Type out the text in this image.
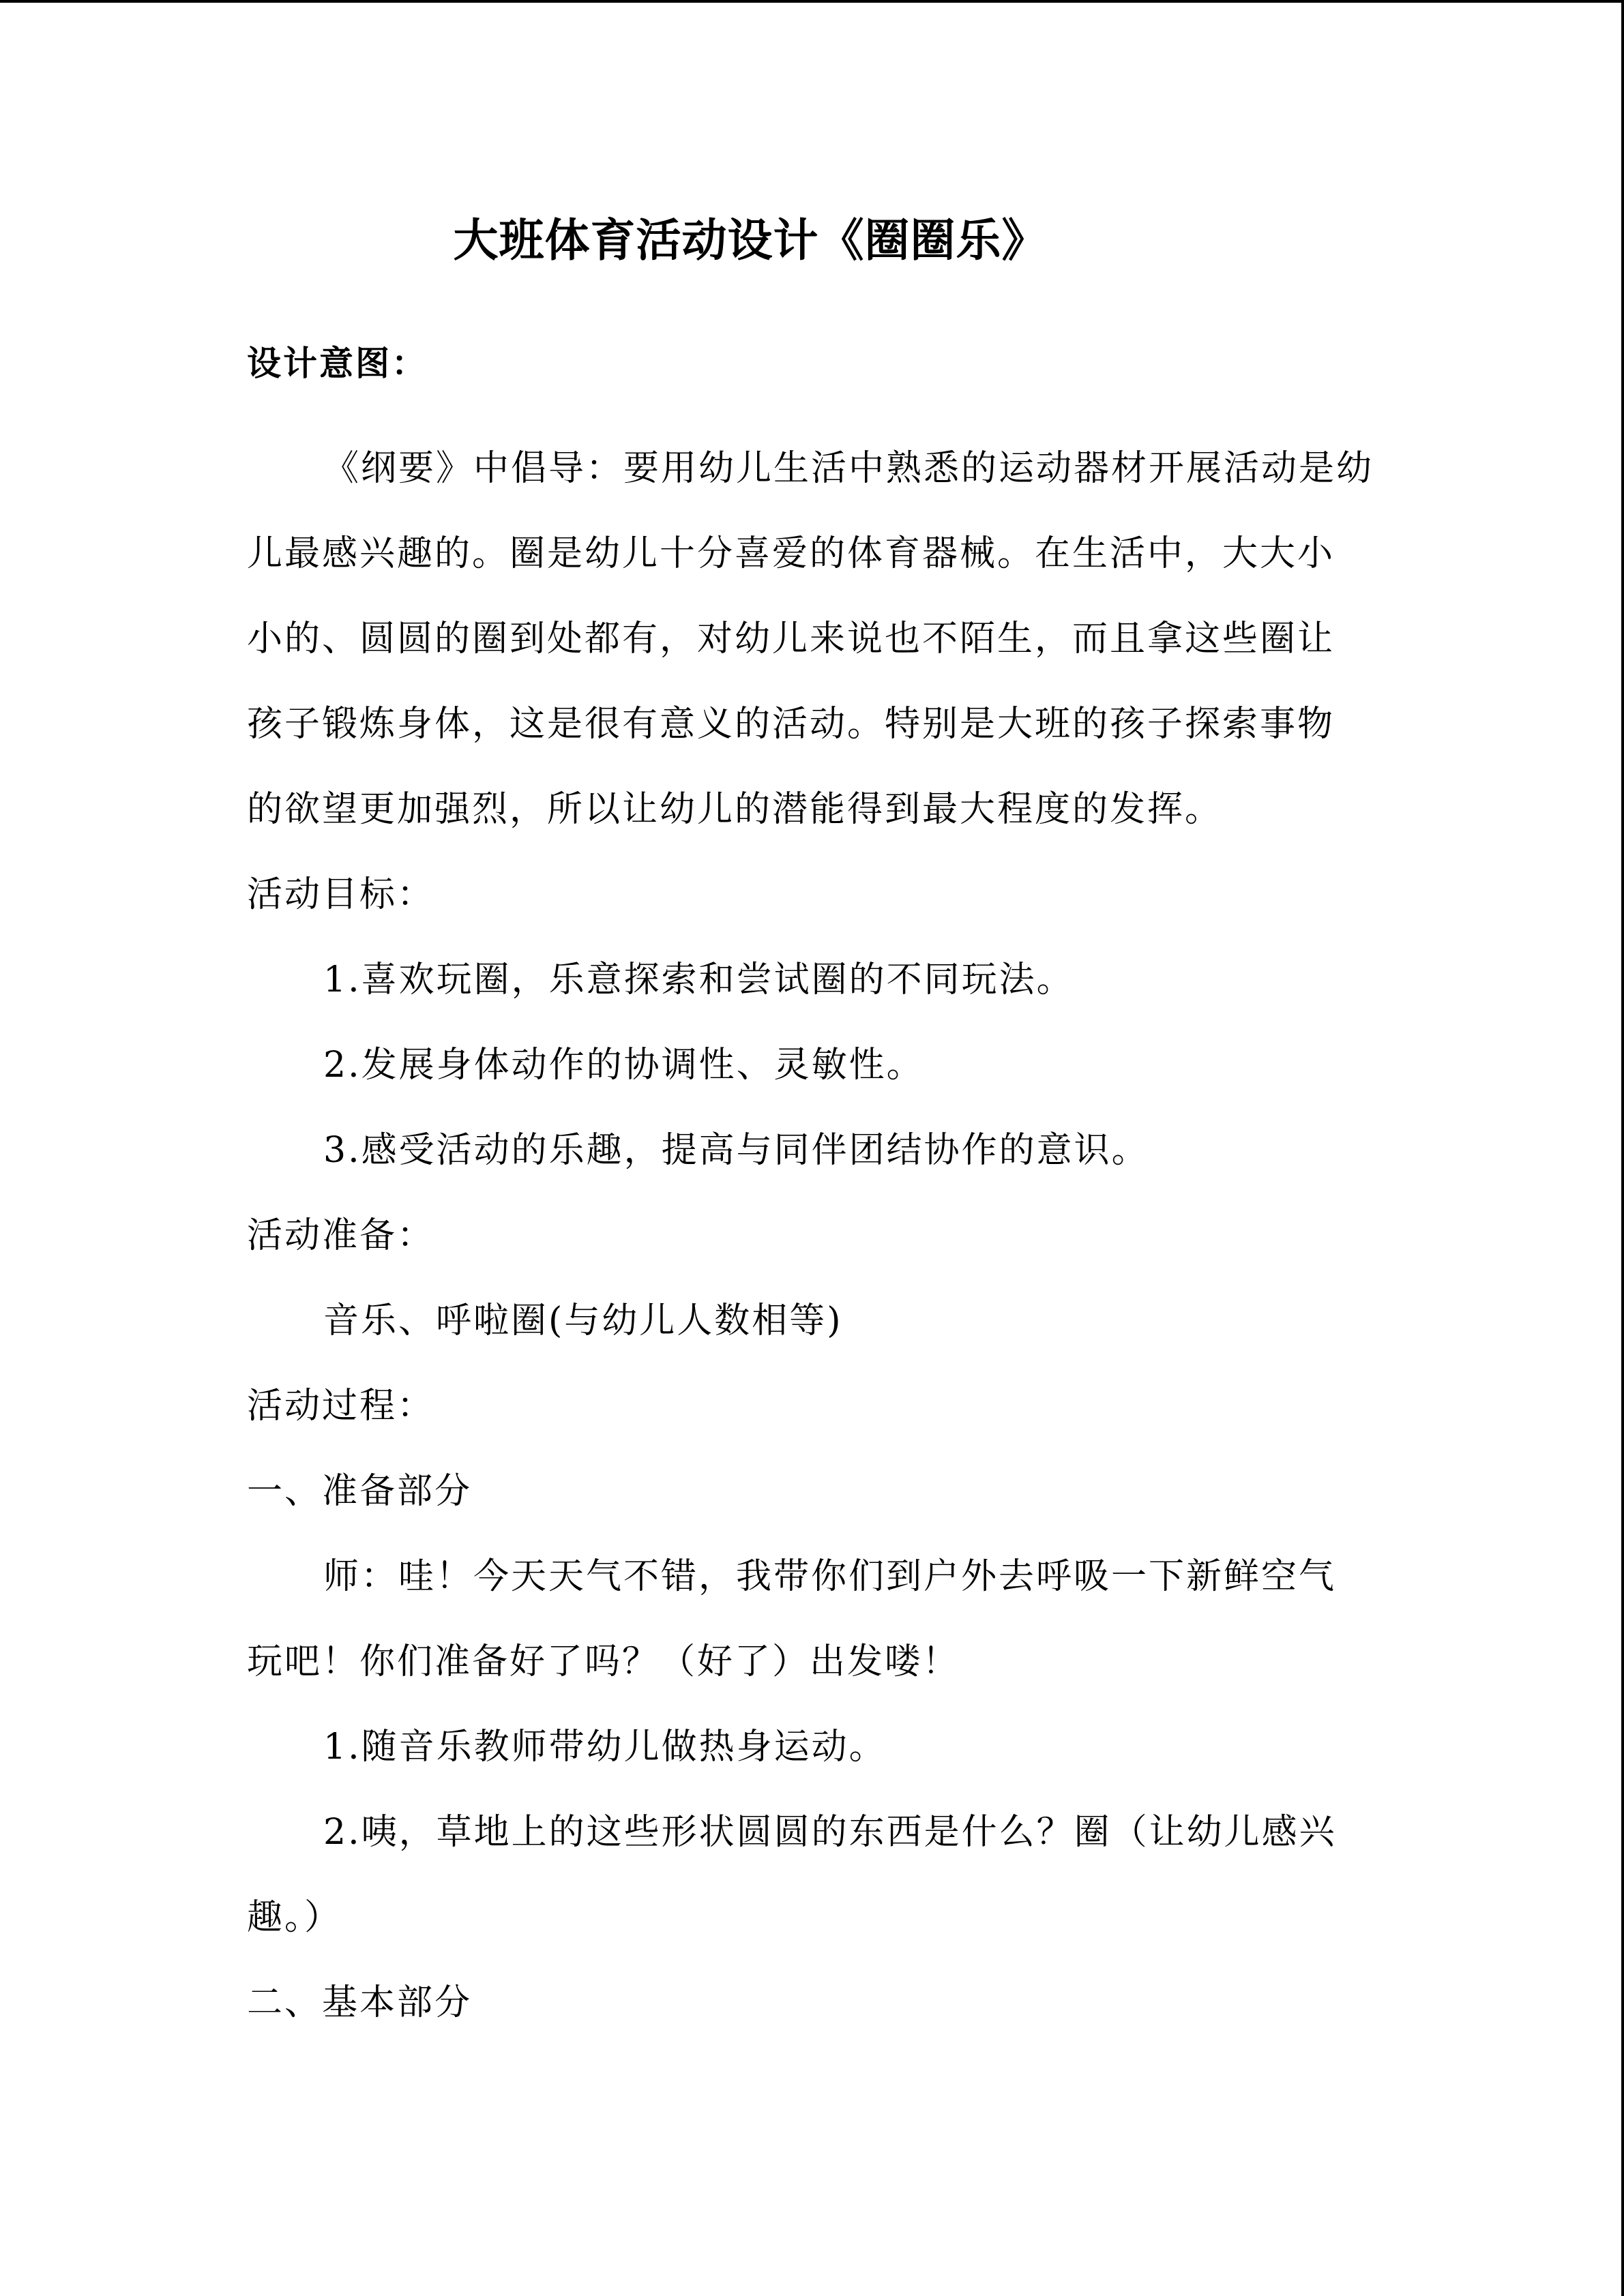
大班体育活动设计《圈圈乐》
设计意图：
《纲要》中倡导：要用幼儿生活中熟悉的运动器材开展活动是幼
儿最感兴趣的。圈是幼儿十分喜爱的体育器械。在生活中，大大小
小的、圆圆的圈到处都有，对幼儿来说也不陌生，而且拿这些圈让
孩子锻炼身体，这是很有意义的活动。特别是大班的孩子探索事物
的欲望更加强烈，所以让幼儿的潜能得到最大程度的发挥。
活动目标：
1.喜欢玩圈，乐意探索和尝试圈的不同玩法。
2.发展身体动作的协调性、灵敏性。
3.感受活动的乐趣，提高与同伴团结协作的意识。
活动准备：
音乐、呼啦圈(与幼儿人数相等)
活动过程：
一、准备部分
师：哇！今天天气不错，我带你们到户外去呼吸一下新鲜空气
玩吧！你们准备好了吗？（好了）出发喽！
1.随音乐教师带幼儿做热身运动。
2.咦，草地上的这些形状圆圆的东西是什么？圈（让幼儿感兴
趣。）
二、基本部分
